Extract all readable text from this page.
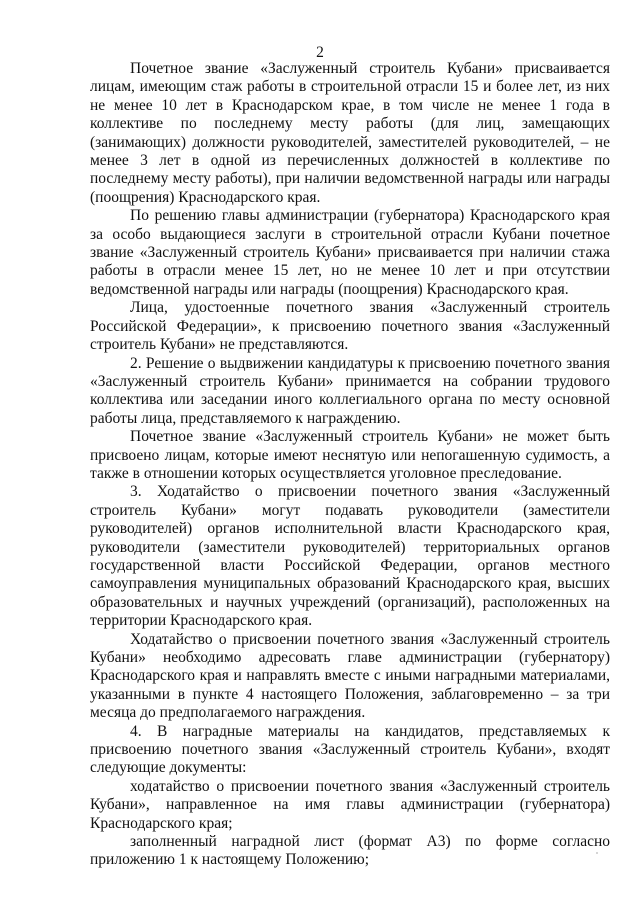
2

Почетное звание «Заслуженный строитель Кубани» присваивается лицам, имеющим стаж работы в строительной отрасли 15 и более лет, из них не менее 10 лет в Краснодарском крае, в том числе не менее 1 года в коллективе по последнему месту работы (для лиц, замещающих (занимающих) должности руководителей, заместителей руководителей, – не менее 3 лет в одной из перечисленных должностей в коллективе по последнему месту работы), при наличии ведомственной награды или награды (поощрения) Краснодарского края.

По решению главы администрации (губернатора) Краснодарского края за особо выдающиеся заслуги в строительной отрасли Кубани почетное звание «Заслуженный строитель Кубани» присваивается при наличии стажа работы в отрасли менее 15 лет, но не менее 10 лет и при отсутствии ведомственной награды или награды (поощрения) Краснодарского края.

Лица, удостоенные почетного звания «Заслуженный строитель Российской Федерации», к присвоению почетного звания «Заслуженный строитель Кубани» не представляются.

2. Решение о выдвижении кандидатуры к присвоению почетного звания «Заслуженный строитель Кубани» принимается на собрании трудового коллектива или заседании иного коллегиального органа по месту основной работы лица, представляемого к награждению.

Почетное звание «Заслуженный строитель Кубани» не может быть присвоено лицам, которые имеют неснятую или непогашенную судимость, а также в отношении которых осуществляется уголовное преследование.

3. Ходатайство о присвоении почетного звания «Заслуженный строитель Кубани» могут подавать руководители (заместители руководителей) органов исполнительной власти Краснодарского края, руководители (заместители руководителей) территориальных органов государственной власти Российской Федерации, органов местного самоуправления муниципальных образований Краснодарского края, высших образовательных и научных учреждений (организаций), расположенных на территории Краснодарского края.

Ходатайство о присвоении почетного звания «Заслуженный строитель Кубани» необходимо адресовать главе администрации (губернатору) Краснодарского края и направлять вместе с иными наградными материалами, указанными в пункте 4 настоящего Положения, заблаговременно – за три месяца до предполагаемого награждения.

4. В наградные материалы на кандидатов, представляемых к присвоению почетного звания «Заслуженный строитель Кубани», входят следующие документы:

ходатайство о присвоении почетного звания «Заслуженный строитель Кубани», направленное на имя главы администрации (губернатора) Краснодарского края;

заполненный наградной лист (формат А3) по форме согласно приложению 1 к настоящему Положению;
